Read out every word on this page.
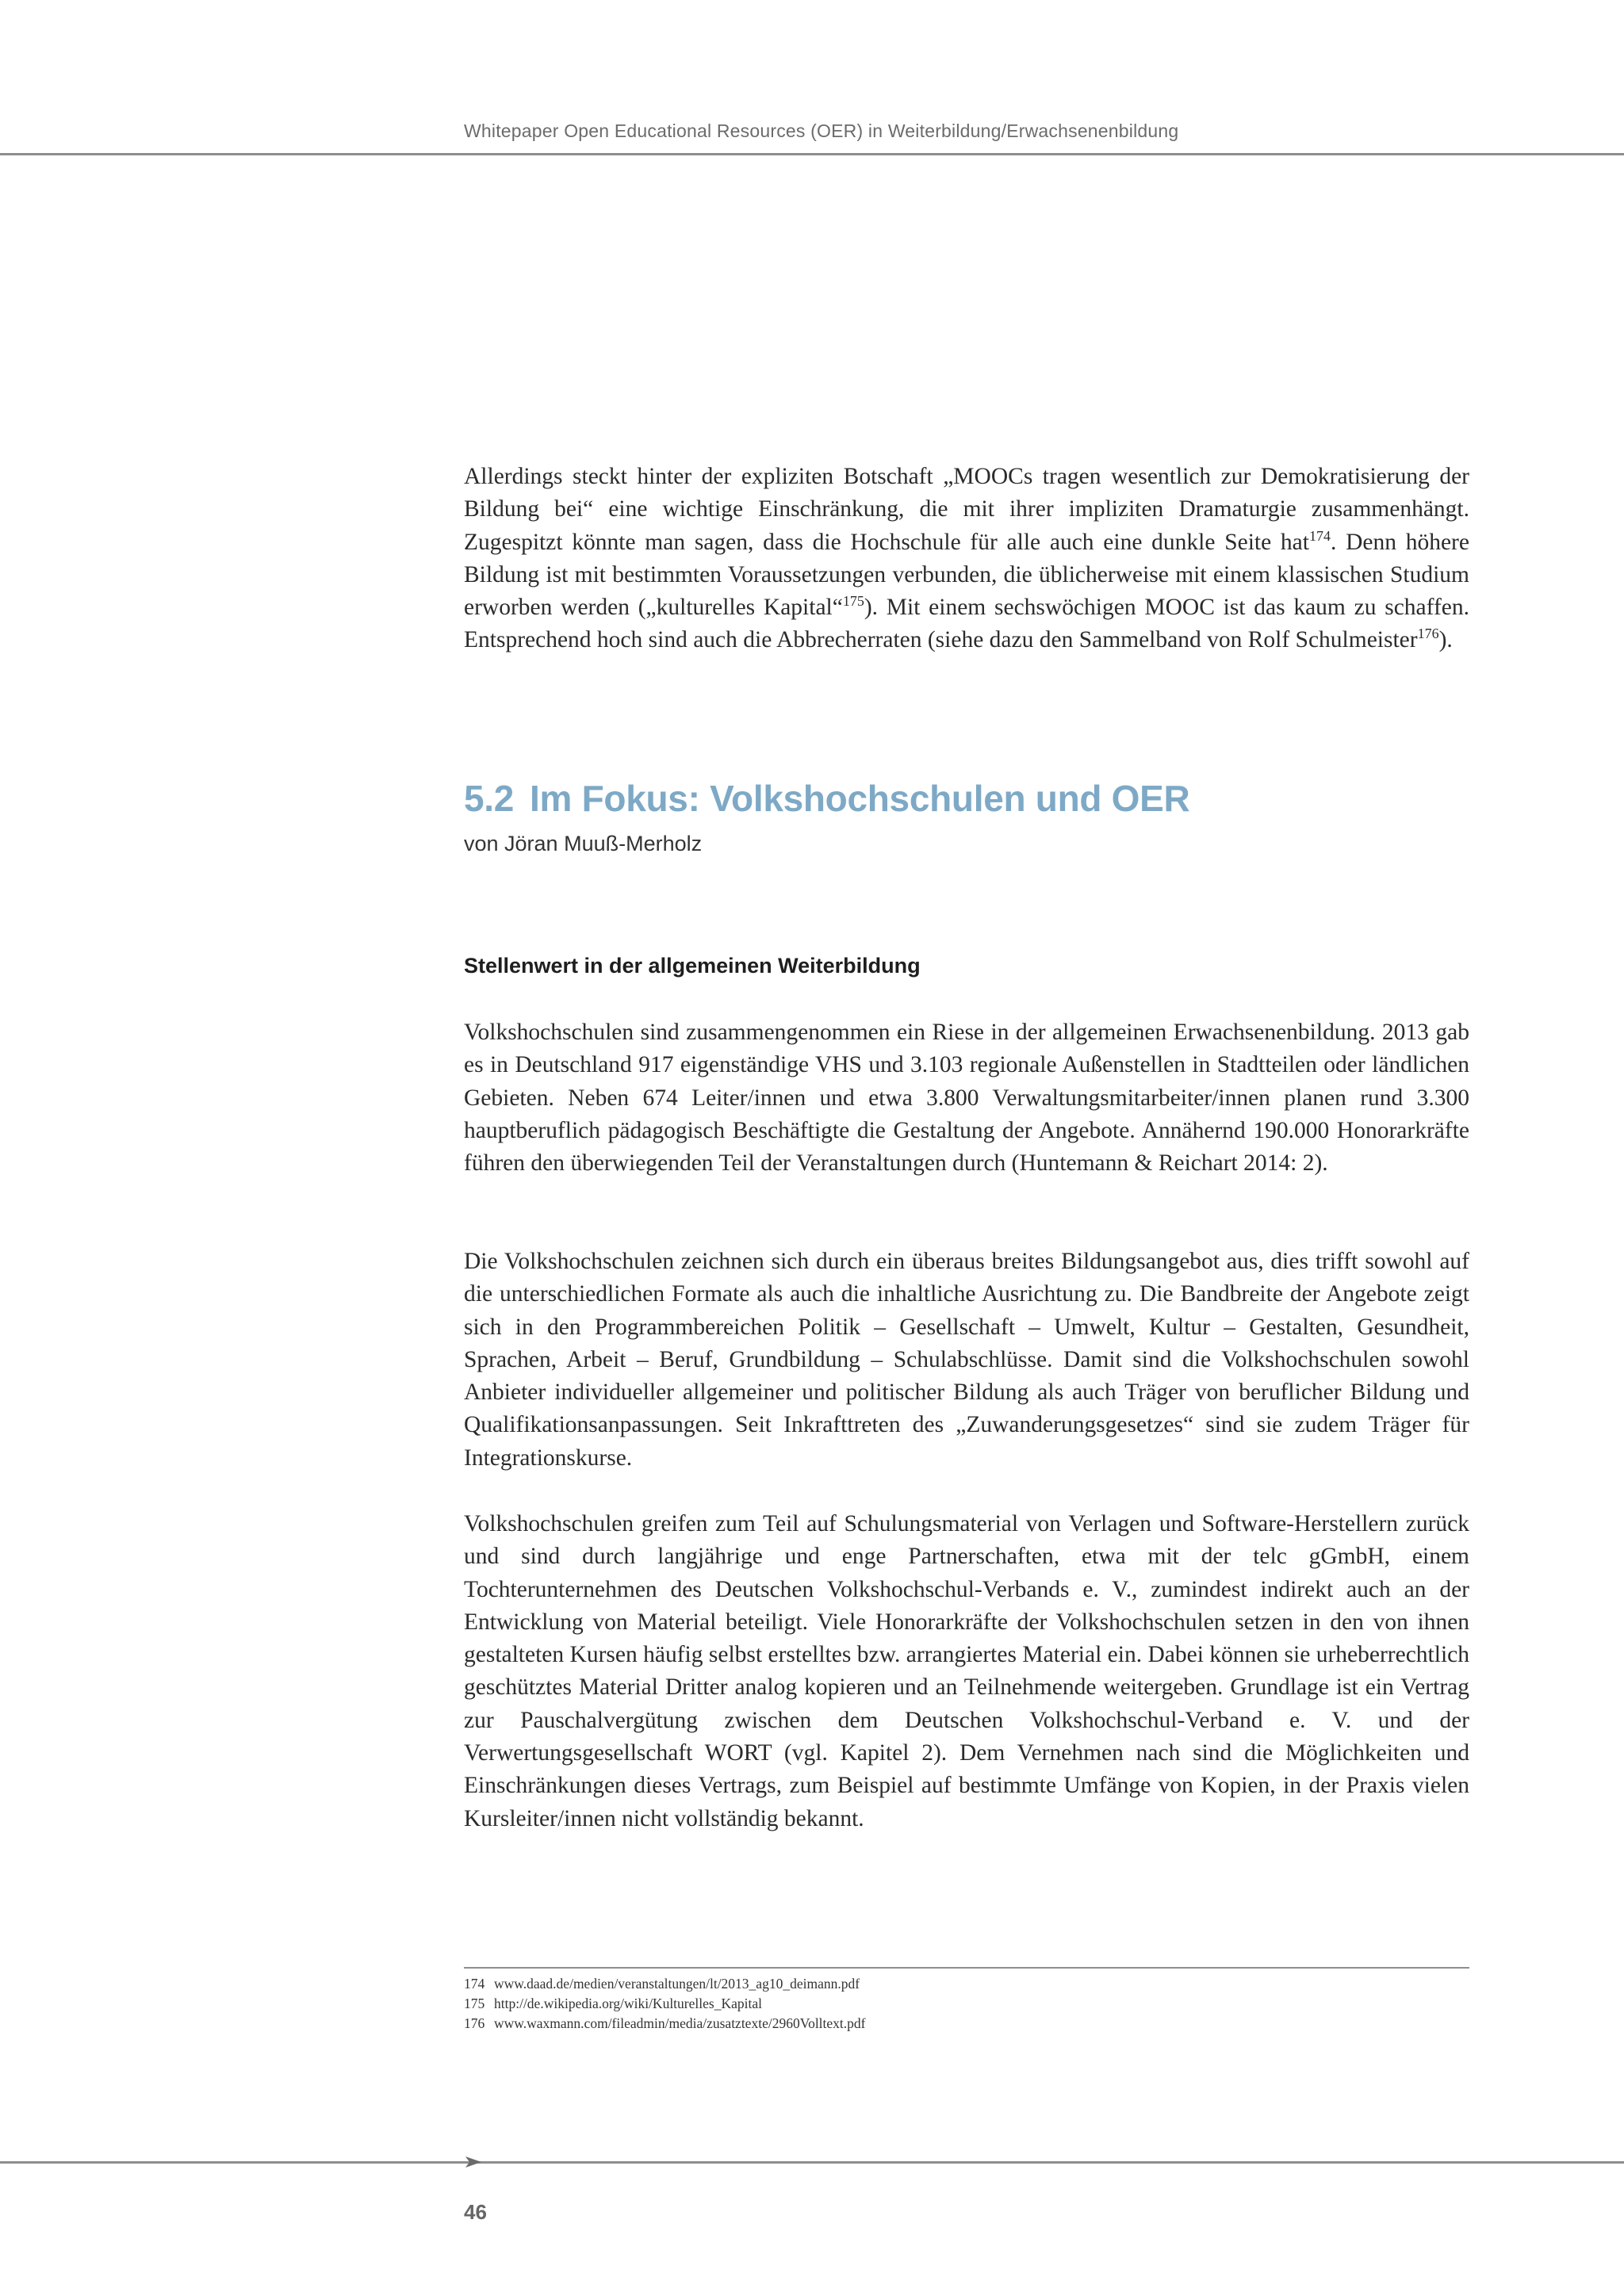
Whitepaper Open Educational Resources (OER) in Weiterbildung/Erwachsenenbildung

Allerdings steckt hinter der expliziten Botschaft „MOOCs tragen wesentlich zur Demokratisierung der Bildung bei“ eine wichtige Einschränkung, die mit ihrer impliziten Dramaturgie zusammenhängt. Zugespitzt könnte man sagen, dass die Hochschule für alle auch eine dunkle Seite hat$^{174}$. Denn höhere Bildung ist mit bestimmten Voraussetzungen verbunden, die üblicherweise mit einem klassischen Studium erworben werden („kulturelles Kapital“$^{175}$). Mit einem sechswöchigen MOOC ist das kaum zu schaffen. Entsprechend hoch sind auch die Abbrecherraten (siehe dazu den Sammelband von Rolf Schulmeister$^{176}$).

5.2 Im Fokus: Volkshochschulen und OER
von Jöran Muuß-Merholz
Stellenwert in der allgemeinen Weiterbildung

Volkshochschulen sind zusammengenommen ein Riese in der allgemeinen Erwachsenenbildung. 2013 gab es in Deutschland 917 eigenständige VHS und 3.103 regionale Außenstellen in Stadtteilen oder ländlichen Gebieten. Neben 674 Leiter/innen und etwa 3.800 Verwaltungsmitarbeiter/innen planen rund 3.300 hauptberuflich pädagogisch Beschäftigte die Gestaltung der Angebote. Annähernd 190.000 Honorarkräfte führen den überwiegenden Teil der Veranstaltungen durch (Huntemann & Reichart 2014: 2).

Die Volkshochschulen zeichnen sich durch ein überaus breites Bildungsangebot aus, dies trifft sowohl auf die unterschiedlichen Formate als auch die inhaltliche Ausrichtung zu. Die Bandbreite der Angebote zeigt sich in den Programmbereichen Politik – Gesellschaft – Umwelt, Kultur – Gestalten, Gesundheit, Sprachen, Arbeit – Beruf, Grundbildung – Schulabschlüsse. Damit sind die Volkshochschulen sowohl Anbieter individueller allgemeiner und politischer Bildung als auch Träger von beruflicher Bildung und Qualifikationsanpassungen. Seit Inkrafttreten des „Zuwanderungsgesetzes“ sind sie zudem Träger für Integrationskurse.

Volkshochschulen greifen zum Teil auf Schulungsmaterial von Verlagen und Software-Herstellern zurück und sind durch langjährige und enge Partnerschaften, etwa mit der telc gGmbH, einem Tochterunternehmen des Deutschen Volkshochschul-Verbands e. V., zumindest indirekt auch an der Entwicklung von Material beteiligt. Viele Honorarkräfte der Volkshochschulen setzen in den von ihnen gestalteten Kursen häufig selbst erstelltes bzw. arrangiertes Material ein. Dabei können sie urheberrechtlich geschütztes Material Dritter analog kopieren und an Teilnehmende weitergeben. Grundlage ist ein Vertrag zur Pauschalvergütung zwischen dem Deutschen Volkshochschul-Verband e. V. und der Verwertungsgesellschaft WORT (vgl. Kapitel 2). Dem Vernehmen nach sind die Möglichkeiten und Einschränkungen dieses Vertrags, zum Beispiel auf bestimmte Umfänge von Kopien, in der Praxis vielen Kursleiter/innen nicht vollständig bekannt.

174 www.daad.de/medien/veranstaltungen/lt/2013_ag10_deimann.pdf
175 http://de.wikipedia.org/wiki/Kulturelles_Kapital
176 www.waxmann.com/fileadmin/media/zusatztexte/2960Volltext.pdf
46
